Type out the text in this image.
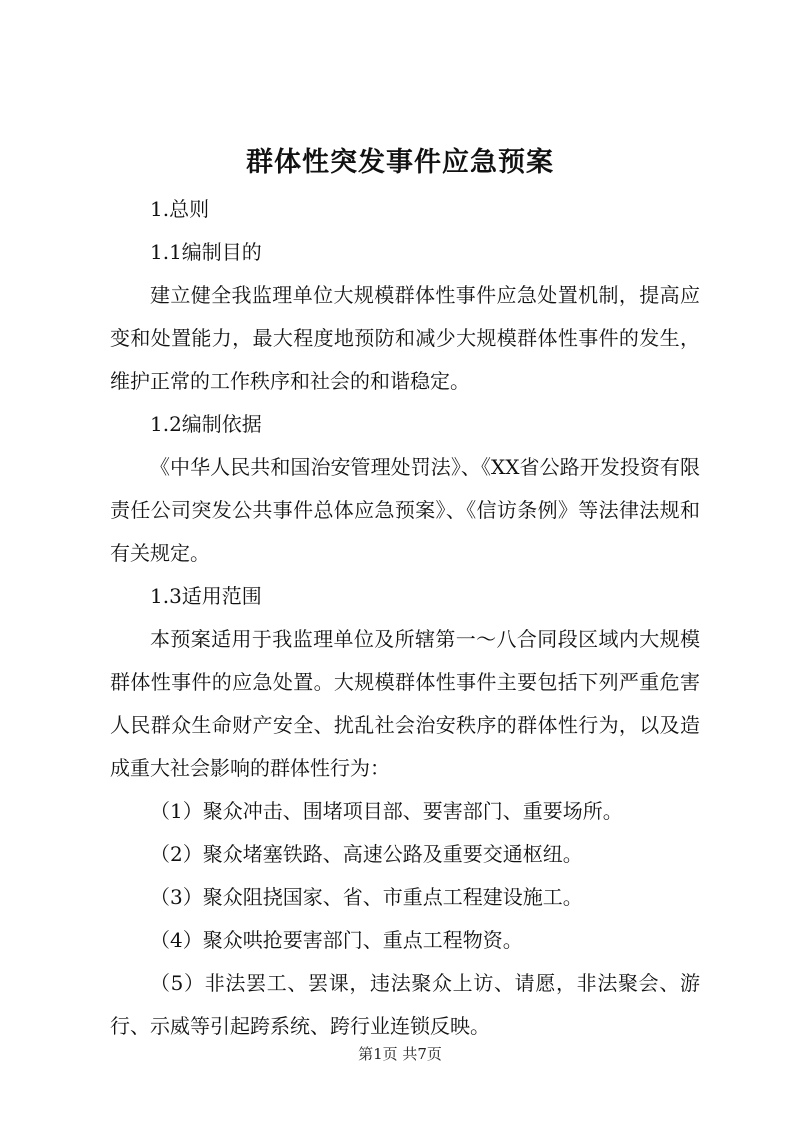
群体性突发事件应急预案

1.总则

1.1编制目的

建立健全我监理单位大规模群体性事件应急处置机制，提高应变和处置能力，最大程度地预防和减少大规模群体性事件的发生，维护正常的工作秩序和社会的和谐稳定。

1.2编制依据

《中华人民共和国治安管理处罚法》、《XX省公路开发投资有限责任公司突发公共事件总体应急预案》、《信访条例》等法律法规和有关规定。

1.3适用范围

本预案适用于我监理单位及所辖第一～八合同段区域内大规模群体性事件的应急处置。大规模群体性事件主要包括下列严重危害人民群众生命财产安全、扰乱社会治安秩序的群体性行为，以及造成重大社会影响的群体性行为：

（1）聚众冲击、围堵项目部、要害部门、重要场所。

（2）聚众堵塞铁路、高速公路及重要交通枢纽。

（3）聚众阻挠国家、省、市重点工程建设施工。

（4）聚众哄抢要害部门、重点工程物资。

（5）非法罢工、罢课，违法聚众上访、请愿，非法聚会、游行、示威等引起跨系统、跨行业连锁反映。

第1页 共7页
